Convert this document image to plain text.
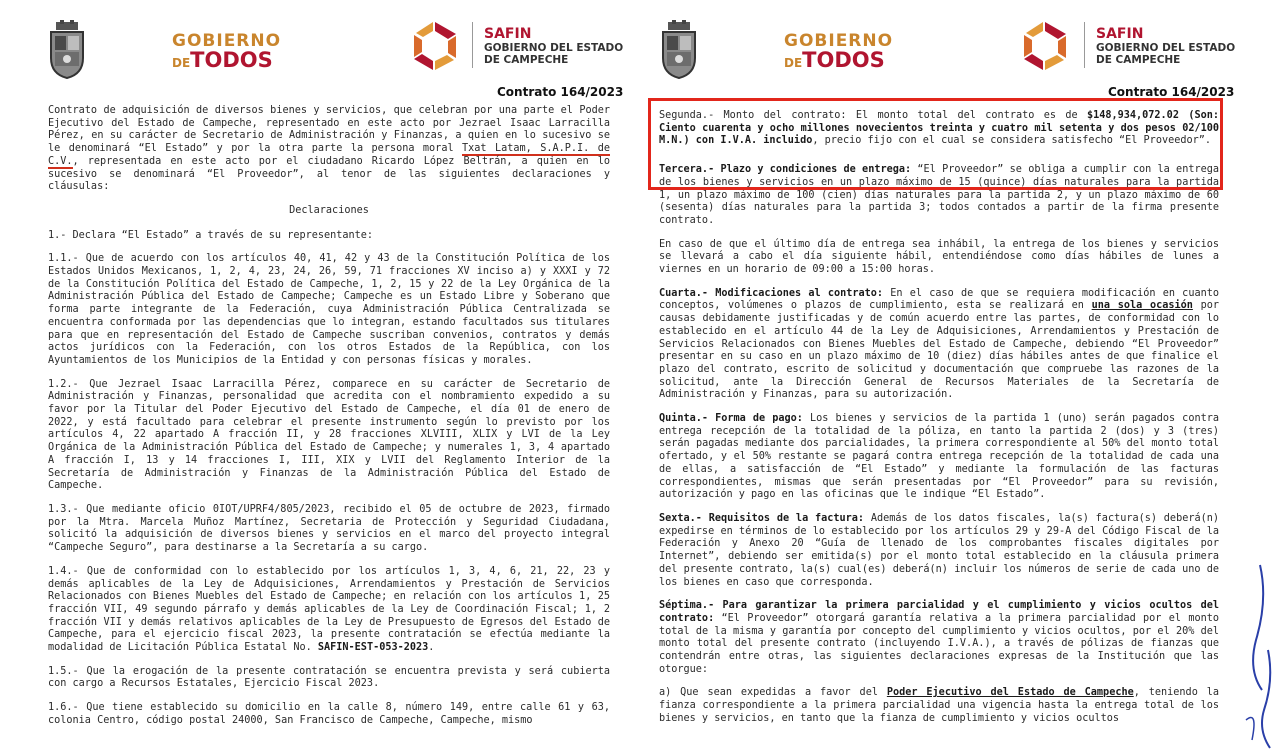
GOBIERNO
DETODOS
SAFIN
GOBIERNO DEL ESTADO
DE CAMPECHE
Contrato 164/2023

Contrato de adquisición de diversos bienes y servicios, que celebran por una parte el Poder Ejecutivo del Estado de Campeche, representado en este acto por Jezrael Isaac Larracilla Pérez, en su carácter de Secretario de Administración y Finanzas, a quien en lo sucesivo se le denominará “El Estado” y por la otra parte la persona moral Txat Latam, S.A.P.I. de C.V., representada en este acto por el ciudadano Ricardo López Beltrán, a quien en lo sucesivo se denominará “El Proveedor”, al tenor de las siguientes declaraciones y cláusulas:

Declaraciones
1.- Declara “El Estado” a través de su representante:

1.1.- Que de acuerdo con los artículos 40, 41, 42 y 43 de la Constitución Política de los Estados Unidos Mexicanos, 1, 2, 4, 23, 24, 26, 59, 71 fracciones XV inciso a) y XXXI y 72 de la Constitución Política del Estado de Campeche, 1, 2, 15 y 22 de la Ley Orgánica de la Administración Pública del Estado de Campeche; Campeche es un Estado Libre y Soberano que forma parte integrante de la Federación, cuya Administración Pública Centralizada se encuentra conformada por las dependencias que lo integran, estando facultados sus titulares para que en representación del Estado de Campeche suscriban convenios, contratos y demás actos jurídicos con la Federación, con los otros Estados de la República, con los Ayuntamientos de los Municipios de la Entidad y con personas físicas y morales.

1.2.- Que Jezrael Isaac Larracilla Pérez, comparece en su carácter de Secretario de Administración y Finanzas, personalidad que acredita con el nombramiento expedido a su favor por la Titular del Poder Ejecutivo del Estado de Campeche, el día 01 de enero de 2022, y está facultado para celebrar el presente instrumento según lo previsto por los artículos 4, 22 apartado A fracción II, y 28 fracciones XLVIII, XLIX y LVI de la Ley Orgánica de la Administración Pública del Estado de Campeche; y numerales 1, 3, 4 apartado A fracción I, 13 y 14 fracciones I, III, XIX y LVII del Reglamento Interior de la Secretaría de Administración y Finanzas de la Administración Pública del Estado de Campeche.

1.3.- Que mediante oficio 0IOT/UPRF4/805/2023, recibido el 05 de octubre de 2023, firmado por la Mtra. Marcela Muñoz Martínez, Secretaria de Protección y Seguridad Ciudadana, solicitó la adquisición de diversos bienes y servicios en el marco del proyecto integral “Campeche Seguro”, para destinarse a la Secretaría a su cargo.

1.4.- Que de conformidad con lo establecido por los artículos 1, 3, 4, 6, 21, 22, 23 y demás aplicables de la Ley de Adquisiciones, Arrendamientos y Prestación de Servicios Relacionados con Bienes Muebles del Estado de Campeche; en relación con los artículos 1, 25 fracción VII, 49 segundo párrafo y demás aplicables de la Ley de Coordinación Fiscal; 1, 2 fracción VII y demás relativos aplicables de la Ley de Presupuesto de Egresos del Estado de Campeche, para el ejercicio fiscal 2023, la presente contratación se efectúa mediante la modalidad de Licitación Pública Estatal No. SAFIN-EST-053-2023.

1.5.- Que la erogación de la presente contratación se encuentra prevista y será cubierta con cargo a Recursos Estatales, Ejercicio Fiscal 2023.

1.6.- Que tiene establecido su domicilio en la calle 8, número 149, entre calle 61 y 63, colonia Centro, código postal 24000, San Francisco de Campeche, Campeche, mismo

GOBIERNO
DETODOS
SAFIN
GOBIERNO DEL ESTADO
DE CAMPECHE
Contrato 164/2023

Segunda.- Monto del contrato: El monto total del contrato es de $148,934,072.02 (Son: Ciento cuarenta y ocho millones novecientos treinta y cuatro mil setenta y dos pesos 02/100 M.N.) con I.V.A. incluido, precio fijo con el cual se considera satisfecho “El Proveedor”.

Tercera.- Plazo y condiciones de entrega: “El Proveedor” se obliga a cumplir con la entrega de los bienes y servicios en un plazo máximo de 15 (quince) días naturales para la partida 1, un plazo máximo de 100 (cien) días naturales para la partida 2, y un plazo máximo de 60 (sesenta) días naturales para la partida 3; todos contados a partir de la firma presente contrato.

En caso de que el último día de entrega sea inhábil, la entrega de los bienes y servicios se llevará a cabo el día siguiente hábil, entendiéndose como días hábiles de lunes a viernes en un horario de 09:00 a 15:00 horas.

Cuarta.- Modificaciones al contrato: En el caso de que se requiera modificación en cuanto conceptos, volúmenes o plazos de cumplimiento, esta se realizará en una sola ocasión por causas debidamente justificadas y de común acuerdo entre las partes, de conformidad con lo establecido en el artículo 44 de la Ley de Adquisiciones, Arrendamientos y Prestación de Servicios Relacionados con Bienes Muebles del Estado de Campeche, debiendo “El Proveedor” presentar en su caso en un plazo máximo de 10 (diez) días hábiles antes de que finalice el plazo del contrato, escrito de solicitud y documentación que compruebe las razones de la solicitud, ante la Dirección General de Recursos Materiales de la Secretaría de Administración y Finanzas, para su autorización.

Quinta.- Forma de pago: Los bienes y servicios de la partida 1 (uno) serán pagados contra entrega recepción de la totalidad de la póliza, en tanto la partida 2 (dos) y 3 (tres) serán pagadas mediante dos parcialidades, la primera correspondiente al 50% del monto total ofertado, y el 50% restante se pagará contra entrega recepción de la totalidad de cada una de ellas, a satisfacción de “El Estado” y mediante la formulación de las facturas correspondientes, mismas que serán presentadas por “El Proveedor” para su revisión, autorización y pago en las oficinas que le indique “El Estado”.

Sexta.- Requisitos de la factura: Además de los datos fiscales, la(s) factura(s) deberá(n) expedirse en términos de lo establecido por los artículos 29 y 29-A del Código Fiscal de la Federación y Anexo 20 “Guía de llenado de los comprobantes fiscales digitales por Internet”, debiendo ser emitida(s) por el monto total establecido en la cláusula primera del presente contrato, la(s) cual(es) deberá(n) incluir los números de serie de cada uno de los bienes en caso que corresponda.

Séptima.- Para garantizar la primera parcialidad y el cumplimiento y vicios ocultos del contrato: “El Proveedor” otorgará garantía relativa a la primera parcialidad por el monto total de la misma y garantía por concepto del cumplimiento y vicios ocultos, por el 20% del monto total del presente contrato (incluyendo I.V.A.), a través de pólizas de fianzas que contendrán entre otras, las siguientes declaraciones expresas de la Institución que las otorgue:

a) Que sean expedidas a favor del Poder Ejecutivo del Estado de Campeche, teniendo la fianza correspondiente a la primera parcialidad una vigencia hasta la entrega total de los bienes y servicios, en tanto que la fianza de cumplimiento y vicios ocultos
